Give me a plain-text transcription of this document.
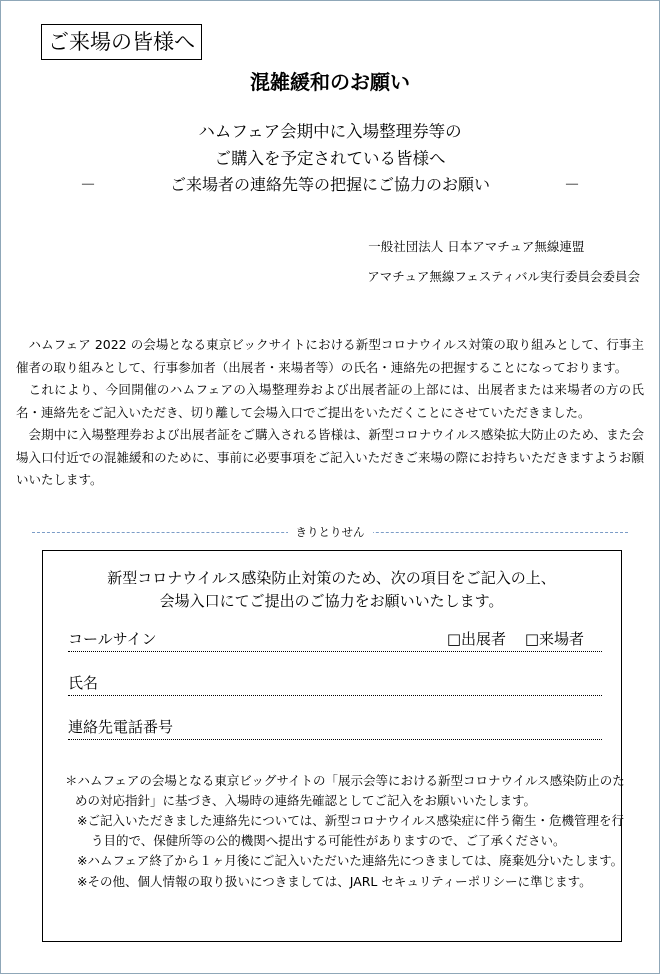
ご来場の皆様へ
混雑緩和のお願い
ハムフェア会期中に入場整理券等の
ご購入を予定されている皆様へ
－	ご来場者の連絡先等の把握にご協力のお願い	－
一般社団法人 日本アマチュア無線連盟
アマチュア無線フェスティバル実行委員会委員会

ハムフェア 2022 の会場となる東京ビックサイトにおける新型コロナウイルス対策の取り組みとして、行事主催者の取り組みとして、行事参加者（出展者・来場者等）の氏名・連絡先の把握することになっております。

これにより、今回開催のハムフェアの入場整理券および出展者証の上部には、出展者または来場者の方の氏名・連絡先をご記入いただき、切り離して会場入口でご提出をいただくことにさせていただきました。

会期中に入場整理券および出展者証をご購入される皆様は、新型コロナウイルス感染拡大防止のため、また会場入口付近での混雑緩和のために、事前に必要事項をご記入いただきご来場の際にお持ちいただきますようお願いいたします。

きりとりせん
新型コロナウイルス感染防止対策のため、次の項目をご記入の上、
会場入口にてご提出のご協力をお願いいたします。
コールサイン	□出展者 □来場者
氏名
連絡先電話番号
＊ハムフェアの会場となる東京ビッグサイトの「展示会等における新型コロナウイルス感染防止のための対応指針」に基づき、入場時の連絡先確認としてご記入をお願いいたします。
※ご記入いただきました連絡先については、新型コロナウイルス感染症に伴う衛生・危機管理を行う目的で、保健所等の公的機関へ提出する可能性がありますので、ご了承ください。
※ハムフェア終了から１ヶ月後にご記入いただいた連絡先につきましては、廃棄処分いたします。
※その他、個人情報の取り扱いにつきましては、JARL セキュリティーポリシーに準じます。
